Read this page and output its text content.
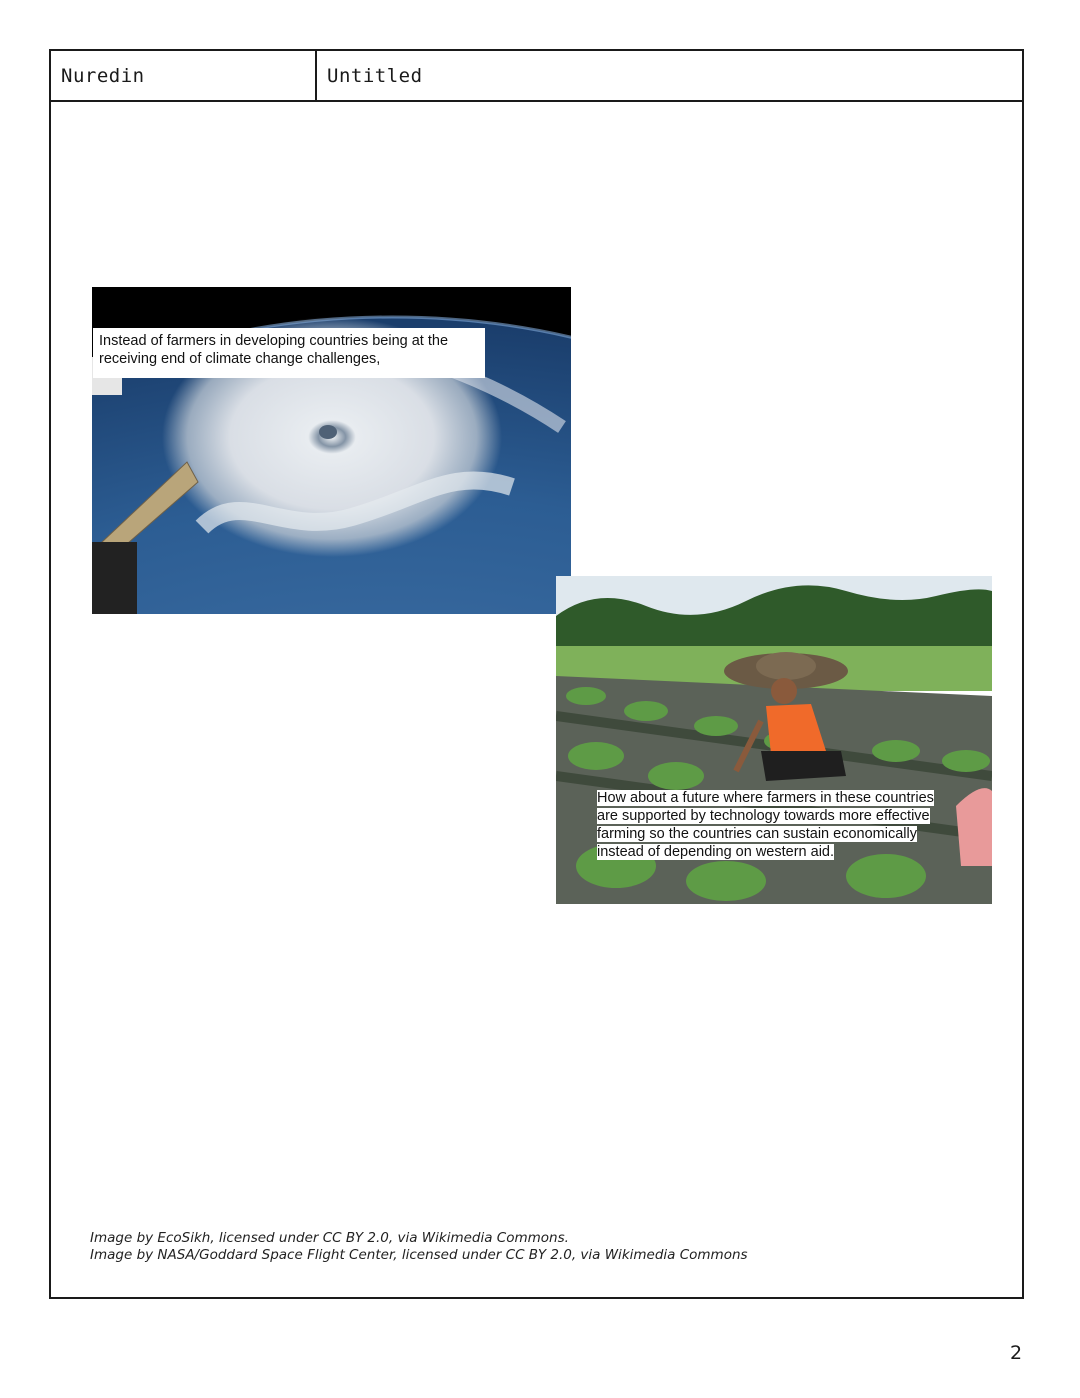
Nuredin	Untitled
Instead of farmers in developing countries being at the receiving end of climate change challenges,
How about a future where farmers in these countries
are supported by technology towards more effective
farming so the countries can sustain economically
instead of depending on western aid.
Image by EcoSikh, licensed under CC BY 2.0, via Wikimedia Commons.
Image by NASA/Goddard Space Flight Center, licensed under CC BY 2.0, via Wikimedia Commons
2
